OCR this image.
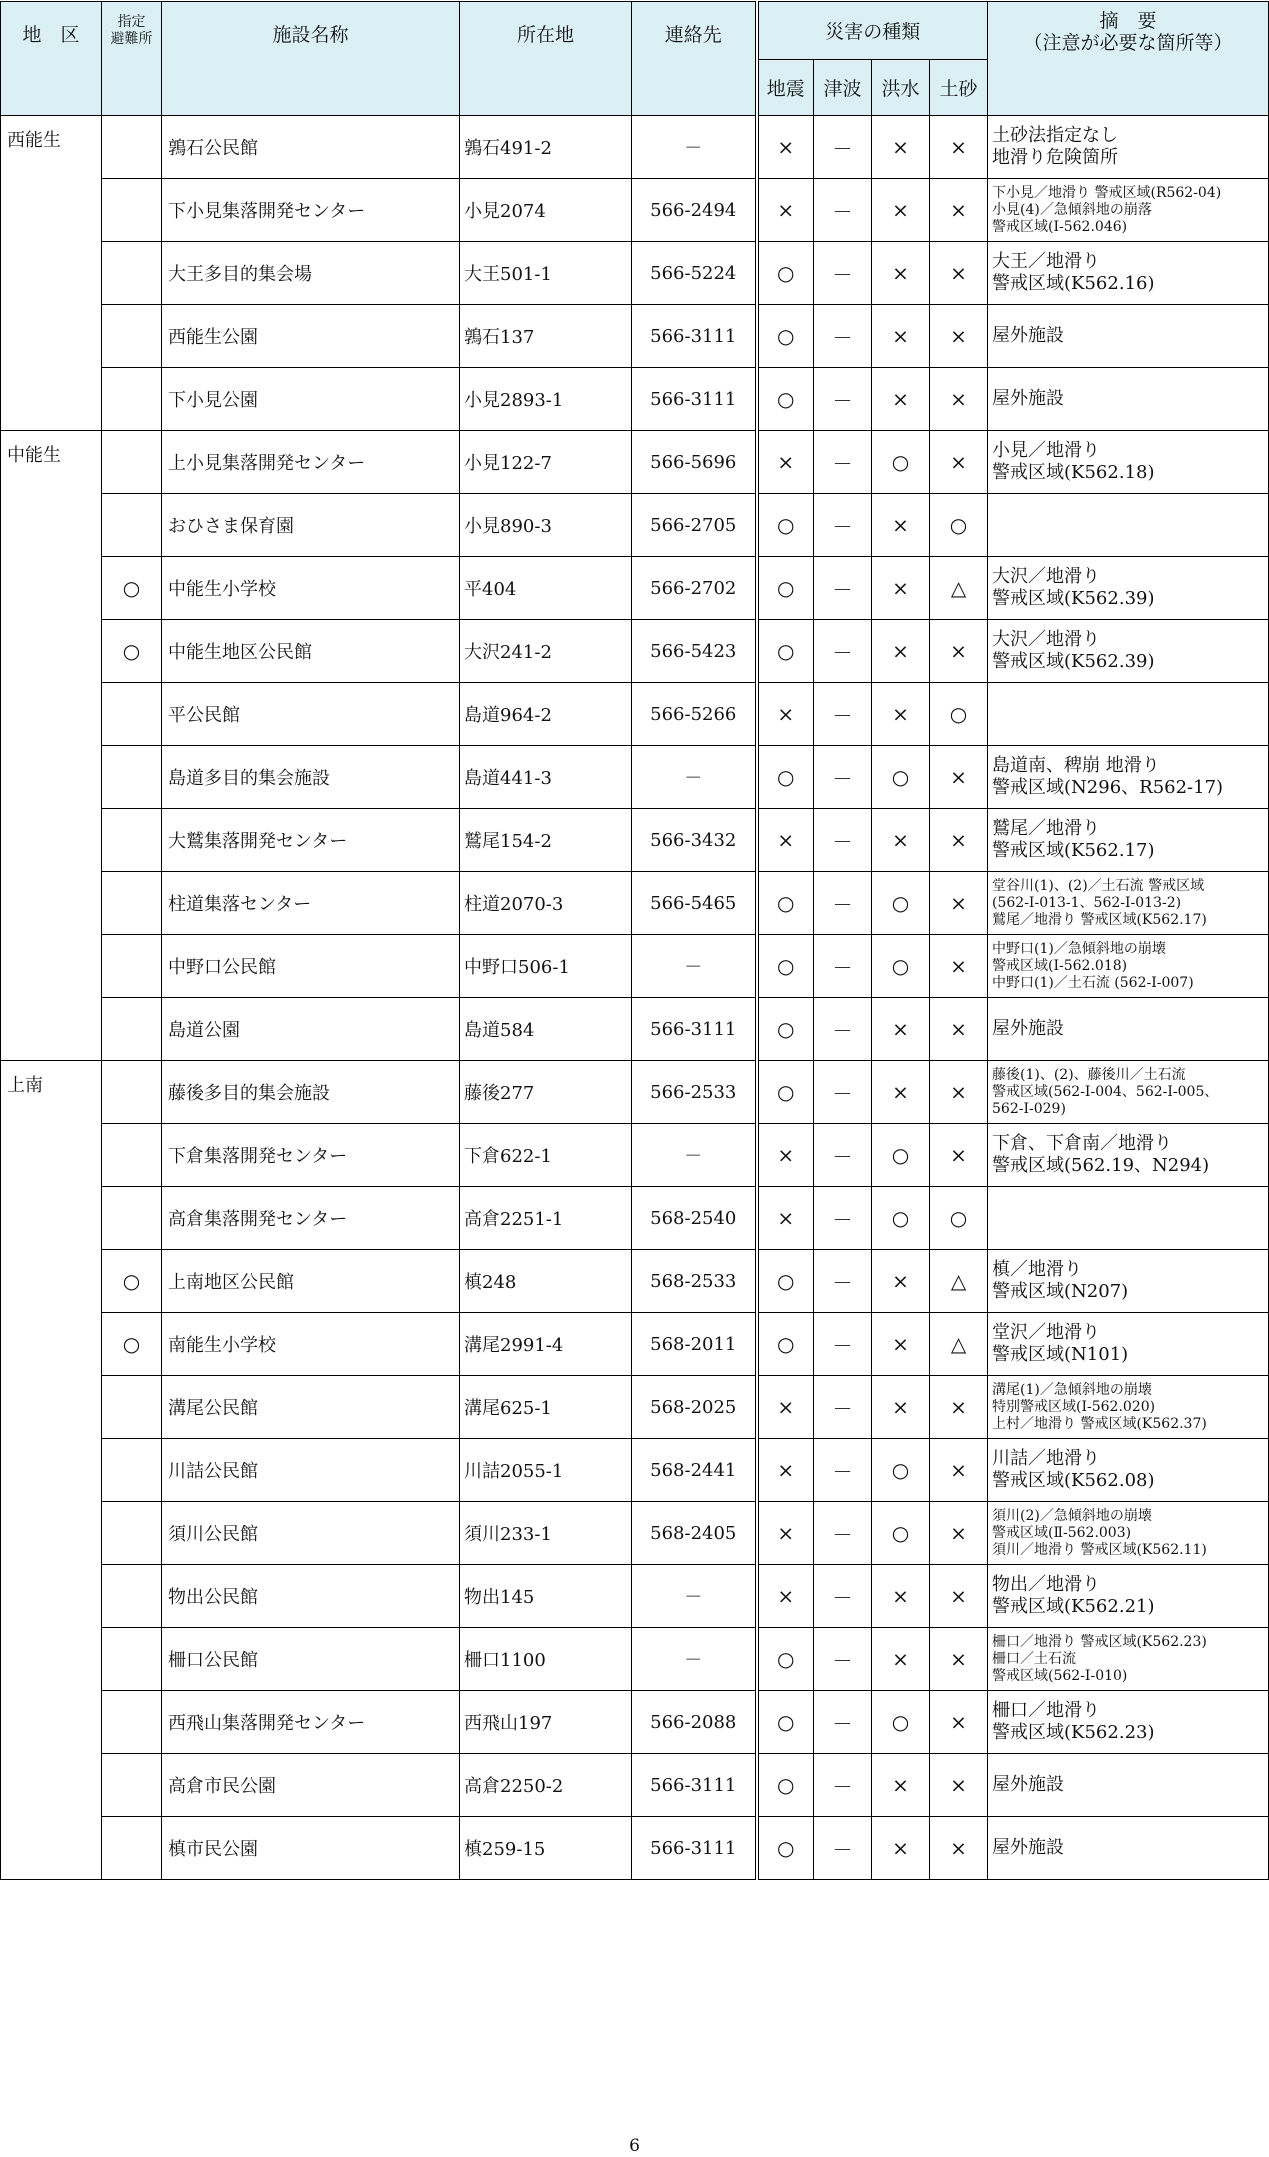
地　区	指定
避難所	施設名称	所在地	連絡先	災害の種類				摘　要
（注意が必要な箇所等）

					地震	津波	洪水	土砂	
西能生		鶉石公民館	鶉石491-2	－	×	－	×	×	土砂法指定なし
地滑り危険箇所

		下小見集落開発センター	小見2074	566-2494	×	－	×	×	下小見／地滑り 警戒区域(R562-04)
小見(4)／急傾斜地の崩落
警戒区域(I-562.046)

		大王多目的集会場	大王501-1	566-5224	○	－	×	×	大王／地滑り
警戒区域(K562.16)

		西能生公園	鶉石137	566-3111	○	－	×	×	屋外施設

		下小見公園	小見2893-1	566-3111	○	－	×	×	屋外施設

中能生		上小見集落開発センター	小見122-7	566-5696	×	－	○	×	小見／地滑り
警戒区域(K562.18)

		おひさま保育園	小見890-3	566-2705	○	－	×	○	
	○	中能生小学校	平404	566-2702	○	－	×	△	大沢／地滑り
警戒区域(K562.39)

	○	中能生地区公民館	大沢241-2	566-5423	○	－	×	×	大沢／地滑り
警戒区域(K562.39)

		平公民館	島道964-2	566-5266	×	－	×	○	
		島道多目的集会施設	島道441-3	－	○	－	○	×	島道南、稗崩 地滑り
警戒区域(N296、R562-17)

		大鷲集落開発センター	鷲尾154-2	566-3432	×	－	×	×	鷲尾／地滑り
警戒区域(K562.17)

		柱道集落センター	柱道2070-3	566-5465	○	－	○	×	堂谷川(1)、(2)／土石流 警戒区域
(562-I-013-1、562-I-013-2)
鷲尾／地滑り 警戒区域(K562.17)

		中野口公民館	中野口506-1	－	○	－	○	×	中野口(1)／急傾斜地の崩壊
警戒区域(I-562.018)
中野口(1)／土石流 (562-I-007)

		島道公園	島道584	566-3111	○	－	×	×	屋外施設

上南		藤後多目的集会施設	藤後277	566-2533	○	－	×	×	藤後(1)、(2)、藤後川／土石流
警戒区域(562-I-004、562-I-005、
562-I-029)

		下倉集落開発センター	下倉622-1	－	×	－	○	×	下倉、下倉南／地滑り
警戒区域(562.19、N294)

		高倉集落開発センター	高倉2251-1	568-2540	×	－	○	○	
	○	上南地区公民館	槙248	568-2533	○	－	×	△	槙／地滑り
警戒区域(N207)

	○	南能生小学校	溝尾2991-4	568-2011	○	－	×	△	堂沢／地滑り
警戒区域(N101)

		溝尾公民館	溝尾625-1	568-2025	×	－	×	×	溝尾(1)／急傾斜地の崩壊
特別警戒区域(I-562.020)
上村／地滑り 警戒区域(K562.37)

		川詰公民館	川詰2055-1	568-2441	×	－	○	×	川詰／地滑り
警戒区域(K562.08)

		須川公民館	須川233-1	568-2405	×	－	○	×	須川(2)／急傾斜地の崩壊
警戒区域(Ⅱ-562.003)
須川／地滑り 警戒区域(K562.11)

		物出公民館	物出145	－	×	－	×	×	物出／地滑り
警戒区域(K562.21)

		柵口公民館	柵口1100	－	○	－	×	×	柵口／地滑り 警戒区域(K562.23)
柵口／土石流
警戒区域(562-I-010)

		西飛山集落開発センター	西飛山197	566-2088	○	－	○	×	柵口／地滑り
警戒区域(K562.23)

		高倉市民公園	高倉2250-2	566-3111	○	－	×	×	屋外施設

		槙市民公園	槙259-15	566-3111	○	－	×	×	屋外施設
6
